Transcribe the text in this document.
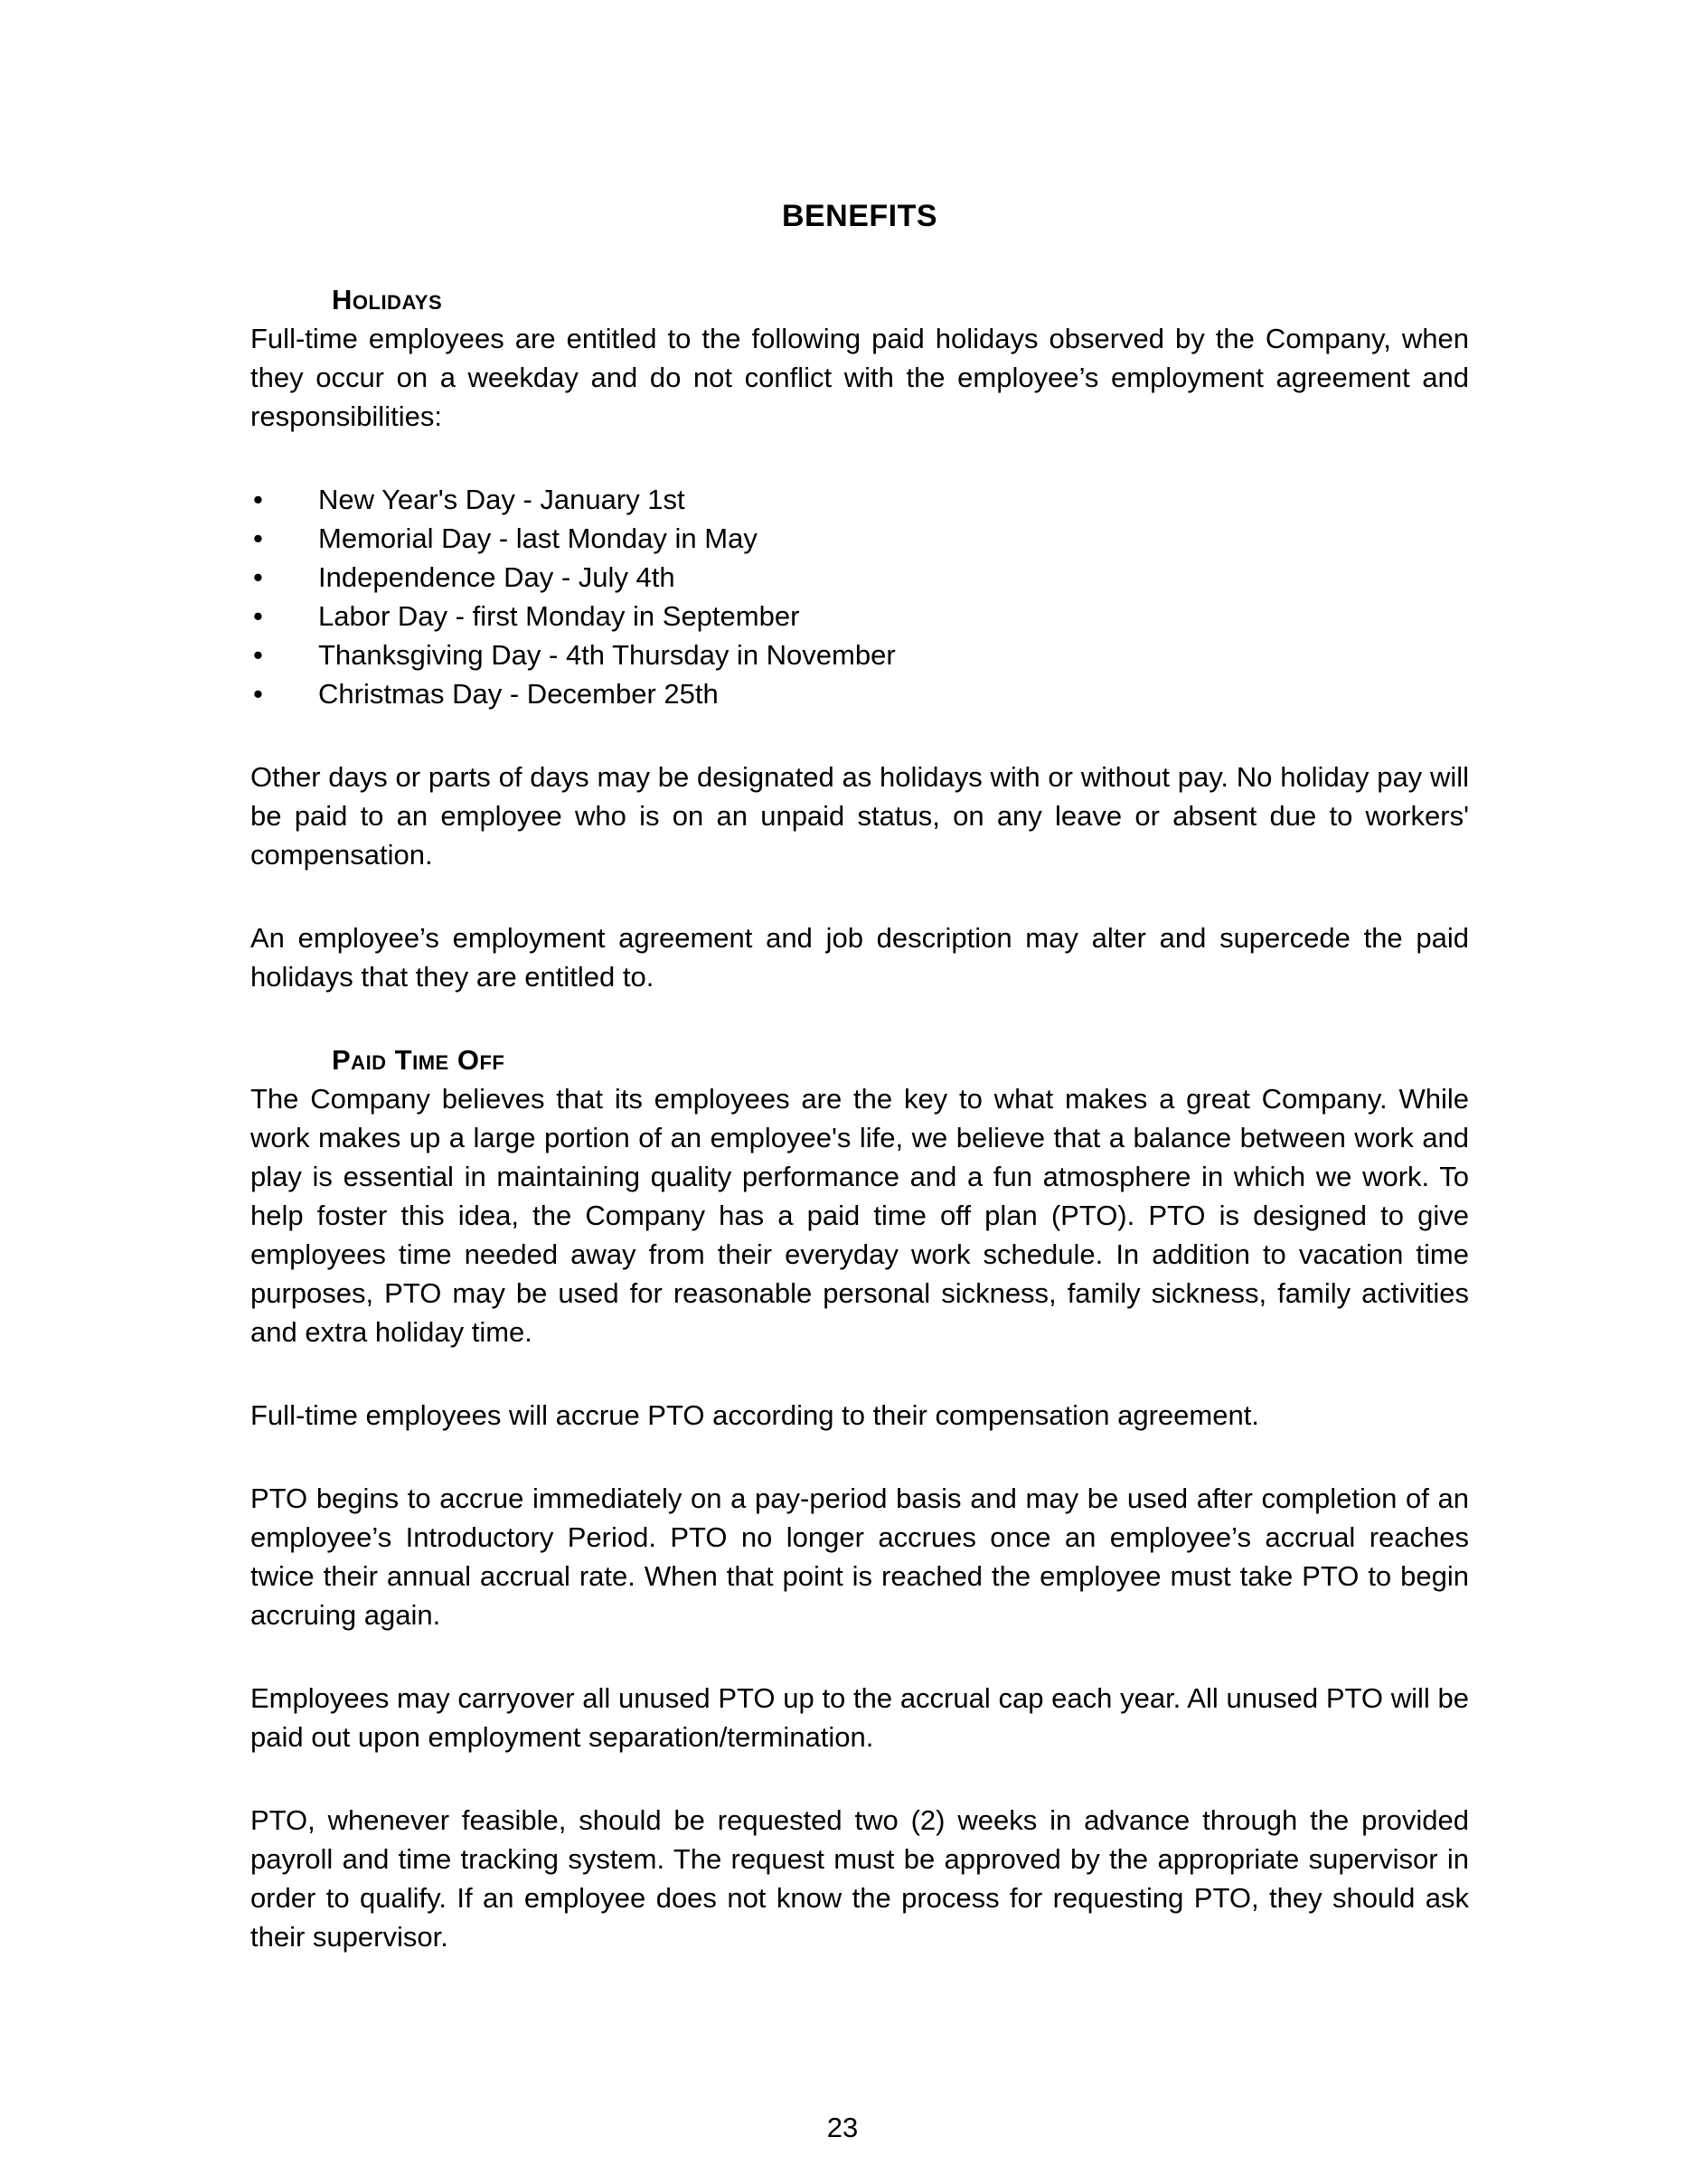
BENEFITS
Holidays

Full-time employees are entitled to the following paid holidays observed by the Company, when they occur on a weekday and do not conflict with the employee’s employment agreement and responsibilities:

• New Year's Day - January 1st
• Memorial Day - last Monday in May
• Independence Day - July 4th
• Labor Day - first Monday in September
• Thanksgiving Day - 4th Thursday in November
• Christmas Day - December 25th

Other days or parts of days may be designated as holidays with or without pay. No holiday pay will be paid to an employee who is on an unpaid status, on any leave or absent due to workers' compensation.

An employee’s employment agreement and job description may alter and supercede the paid holidays that they are entitled to.

Paid Time Off

The Company believes that its employees are the key to what makes a great Company. While work makes up a large portion of an employee's life, we believe that a balance between work and play is essential in maintaining quality performance and a fun atmosphere in which we work. To help foster this idea, the Company has a paid time off plan (PTO). PTO is designed to give employees time needed away from their everyday work schedule. In addition to vacation time purposes, PTO may be used for reasonable personal sickness, family sickness, family activities and extra holiday time.

Full-time employees will accrue PTO according to their compensation agreement.

PTO begins to accrue immediately on a pay-period basis and may be used after completion of an employee’s Introductory Period. PTO no longer accrues once an employee’s accrual reaches twice their annual accrual rate. When that point is reached the employee must take PTO to begin accruing again.

Employees may carryover all unused PTO up to the accrual cap each year. All unused PTO will be paid out upon employment separation/termination.

PTO, whenever feasible, should be requested two (2) weeks in advance through the provided payroll and time tracking system. The request must be approved by the appropriate supervisor in order to qualify. If an employee does not know the process for requesting PTO, they should ask their supervisor.

23
